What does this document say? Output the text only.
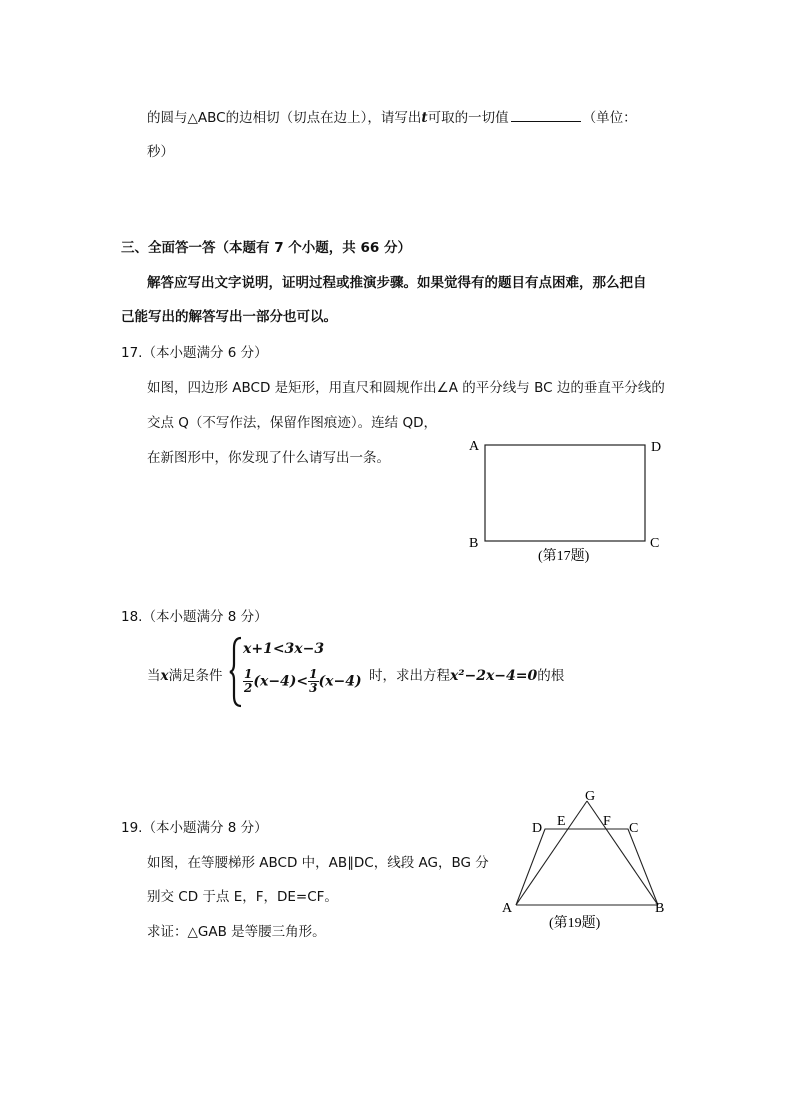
的圆与△ABC的边相切（切点在边上），请写出t可取的一切值	（单位：
秒）
三、全面答一答（本题有 7 个小题，共 66 分）
解答应写出文字说明，证明过程或推演步骤。如果觉得有的题目有点困难，那么把自
己能写出的解答写出一部分也可以。
17.（本小题满分 6 分）
如图，四边形 ABCD 是矩形，用直尺和圆规作出∠A 的平分线与 BC 边的垂直平分线的
交点 Q（不写作法，保留作图痕迹）。连结 QD，
在新图形中，你发现了什么请写出一条。
A	D
B	C
(第17题)
18.（本小题满分 8 分）
当x满足条件
x+1<3x−3
$\frac{1}{2} (x-4)< \frac{1}{3} (x-4)$ 时，求出方程x²−2x−4=0的根
19.（本小题满分 8 分）
如图，在等腰梯形 ABCD 中，AB∥DC，线段 AG，BG 分
别交 CD 于点 E，F，DE=CF。
求证：△GAB 是等腰三角形。
A	B
C
D E	F
G
(第19题)
